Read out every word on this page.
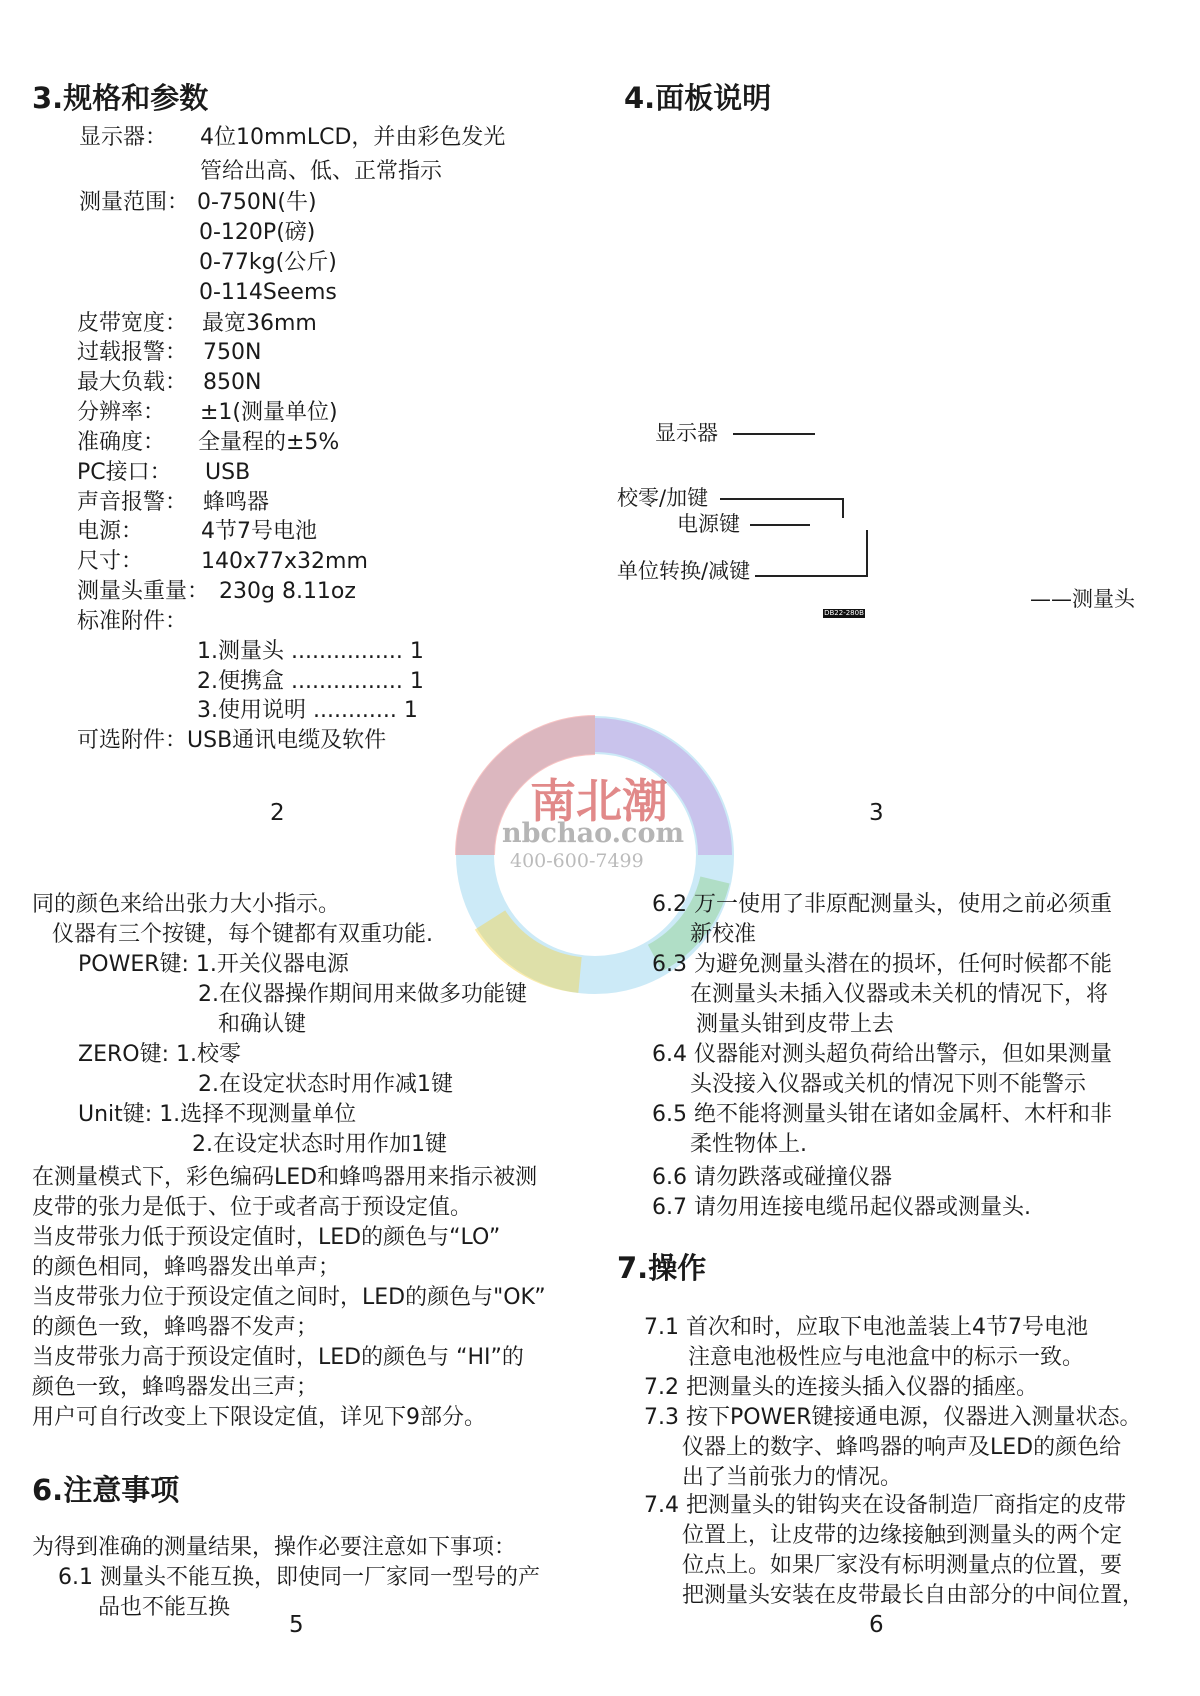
南北潮
nbchao.com
400-600-7499
3.规格和参数
显示器： 4位10mmLCD，并由彩色发光
管给出高、低、正常指示
测量范围： 0-750N(牛)
0-120P(磅)
0-77kg(公斤)
0-114Seems
皮带宽度： 最宽36mm
过载报警： 750N
最大负载： 850N
分辨率： ±1(测量单位)
准确度： 全量程的±5%
PC接口： USB
声音报警： 蜂鸣器
电源：	4节7号电池
尺寸：	140x77x32mm
测量头重量： 230g 8.11oz
标准附件：
1.测量头 ................ 1
2.便携盒 ................ 1
3.使用说明 ............ 1
可选附件：USB通讯电缆及软件
2
4.面板说明
显示器
校零/加键
电源键
单位转换/减键
——测量头
DB22-280B
3
同的颜色来给出张力大小指示。
仪器有三个按键，每个键都有双重功能.
POWER键: 1.开关仪器电源
2.在仪器操作期间用来做多功能键
和确认键
ZERO键: 1.校零
2.在设定状态时用作减1键
Unit键: 1.选择不现测量单位
2.在设定状态时用作加1键
在测量模式下，彩色编码LED和蜂鸣器用来指示被测
皮带的张力是低于、位于或者高于预设定值。
当皮带张力低于预设定值时，LED的颜色与“LO”
的颜色相同，蜂鸣器发出单声；
当皮带张力位于预设定值之间时，LED的颜色与"OK”
的颜色一致，蜂鸣器不发声；
当皮带张力高于预设定值时，LED的颜色与 “HI”的
颜色一致，蜂鸣器发出三声；
用户可自行改变上下限设定值，详见下9部分。
6.注意事项
为得到准确的测量结果，操作必要注意如下事项：
6.1 测量头不能互换，即使同一厂家同一型号的产
品也不能互换
5
6.2 万一使用了非原配测量头，使用之前必须重
新校准
6.3 为避免测量头潜在的损坏，任何时候都不能
在测量头未插入仪器或未关机的情况下，将
测量头钳到皮带上去
6.4 仪器能对测头超负荷给出警示，但如果测量
头没接入仪器或关机的情况下则不能警示
6.5 绝不能将测量头钳在诸如金属杆、木杆和非
柔性物体上.
6.6 请勿跌落或碰撞仪器
6.7 请勿用连接电缆吊起仪器或测量头.
7.操作
7.1 首次和时，应取下电池盖装上4节7号电池
注意电池极性应与电池盒中的标示一致。
7.2 把测量头的连接头插入仪器的插座。
7.3 按下POWER键接通电源，仪器进入测量状态。
仪器上的数字、蜂鸣器的响声及LED的颜色给
出了当前张力的情况。
7.4 把测量头的钳钩夹在设备制造厂商指定的皮带
位置上，让皮带的边缘接触到测量头的两个定
位点上。如果厂家没有标明测量点的位置，要
把测量头安装在皮带最长自由部分的中间位置，
6
